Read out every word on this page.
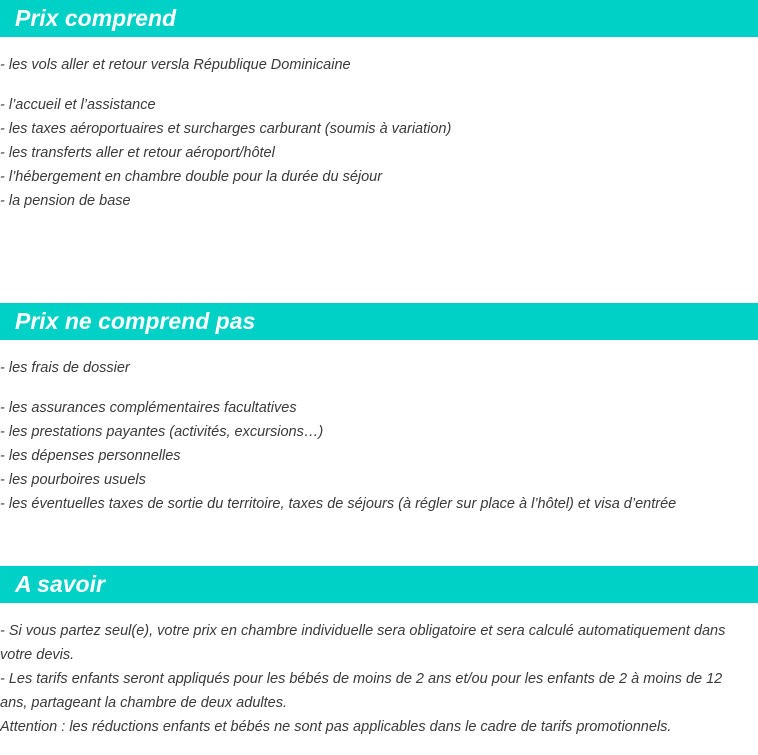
Prix comprend
- les vols aller et retour versla République Dominicaine
- l’accueil et l’assistance
- les taxes aéroportuaires et surcharges carburant (soumis à variation)
- les transferts aller et retour aéroport/hôtel
- l’hébergement en chambre double pour la durée du séjour
- la pension de base
Prix ne comprend pas
- les frais de dossier
- les assurances complémentaires facultatives
- les prestations payantes (activités, excursions…)
- les dépenses personnelles
- les pourboires usuels
- les éventuelles taxes de sortie du territoire, taxes de séjours (à régler sur place à l’hôtel) et visa d’entrée
A savoir
- Si vous partez seul(e), votre prix en chambre individuelle sera obligatoire et sera calculé automatiquement dans votre devis.
- Les tarifs enfants seront appliqués pour les bébés de moins de 2 ans et/ou pour les enfants de 2 à moins de 12 ans, partageant la chambre de deux adultes.
Attention : les réductions enfants et bébés ne sont pas applicables dans le cadre de tarifs promotionnels.
